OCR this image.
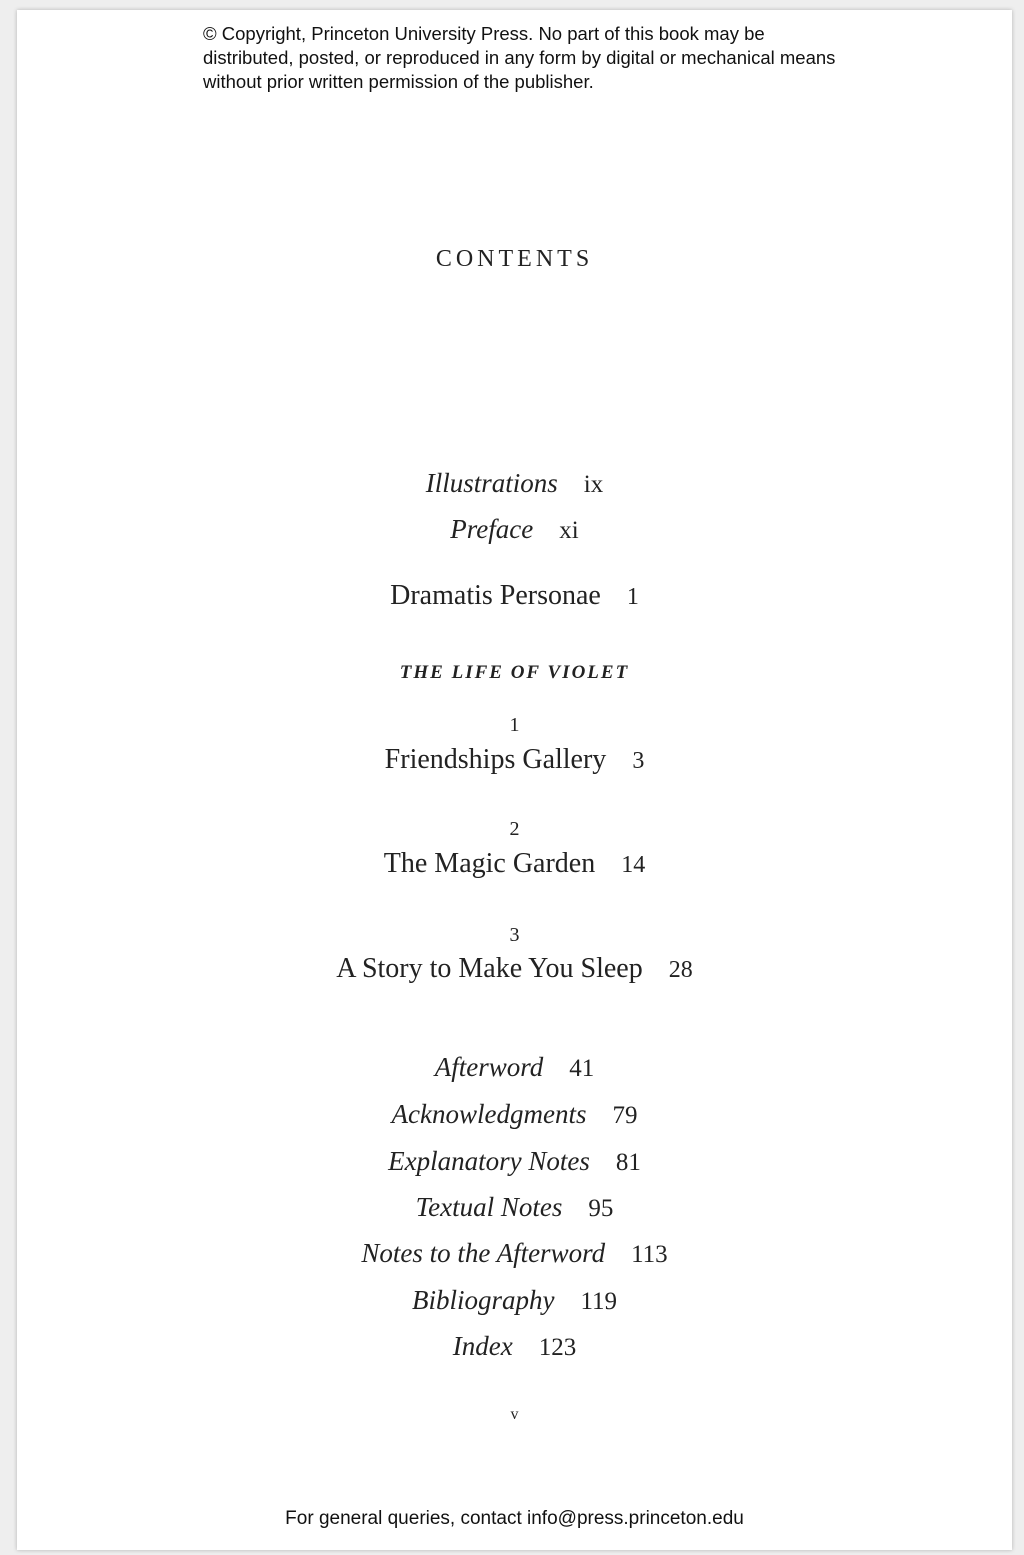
© Copyright, Princeton University Press. No part of this book may be distributed, posted, or reproduced in any form by digital or mechanical means without prior written permission of the publisher.
CONTENTS
Illustrations ix
Preface xi
Dramatis Personae 1
THE LIFE OF VIOLET
1
Friendships Gallery 3
2
The Magic Garden 14
3
A Story to Make You Sleep 28
Afterword 41
Acknowledgments 79
Explanatory Notes 81
Textual Notes 95
Notes to the Afterword 113
Bibliography 119
Index 123
v
For general queries, contact info@press.princeton.edu
